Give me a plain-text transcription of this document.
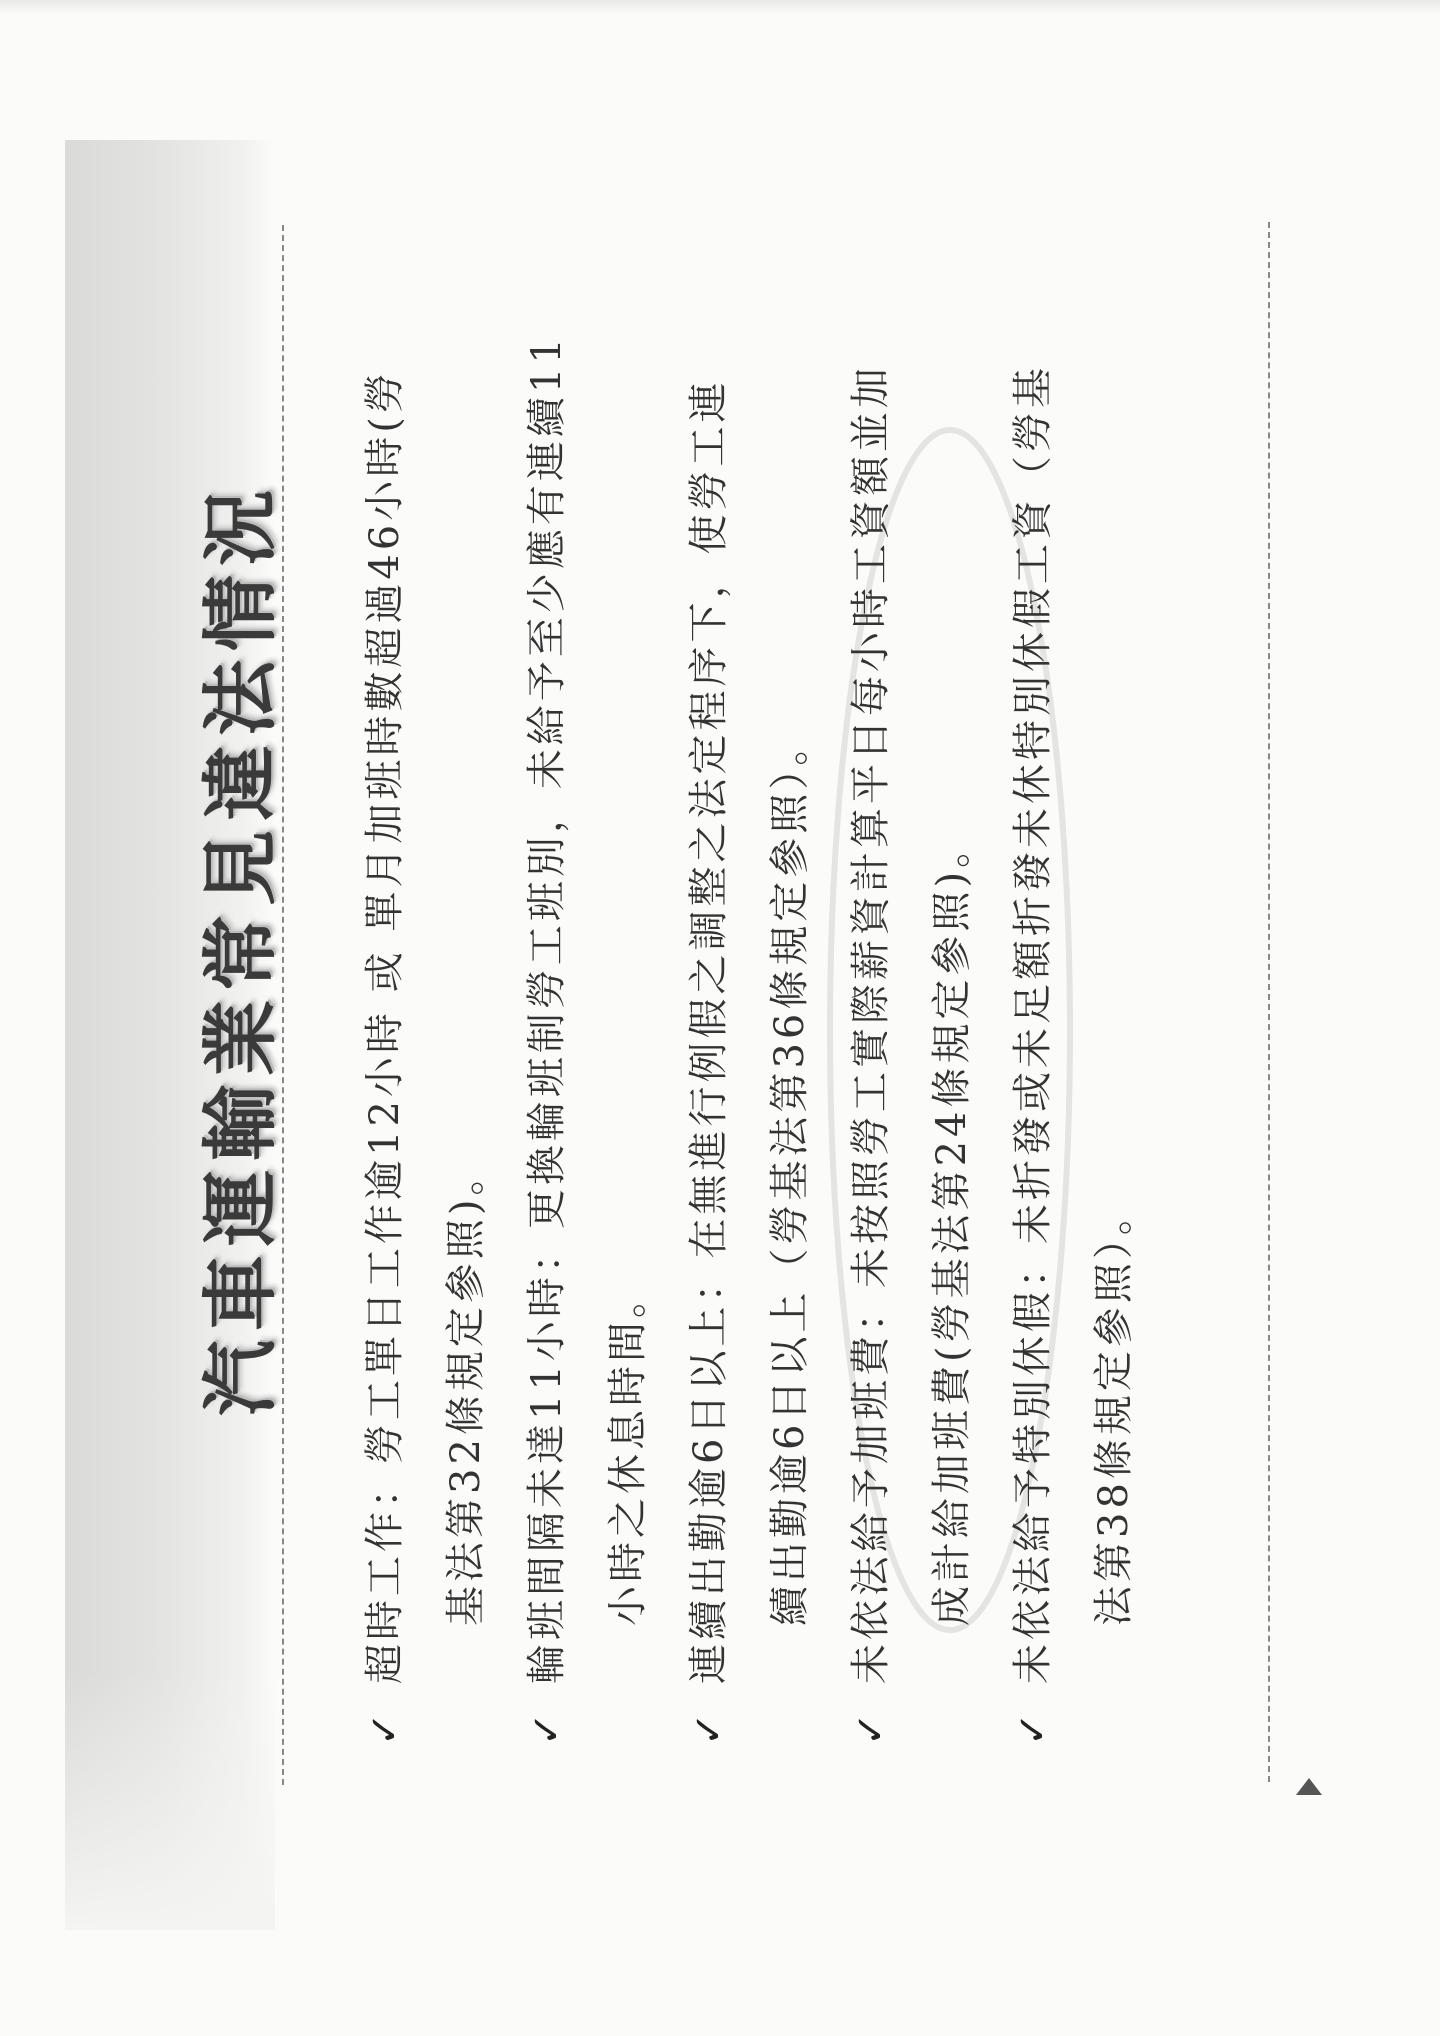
汽車運輸業常見違法情況
✓
超時工作：勞工單日工作逾12小時 或 單月加班時數超過46小時(勞 基法第32條規定參照)。
✓
輪班間隔未達11小時：更換輪班制勞工班別，未給予至少應有連續11 小時之休息時間。
✓
連續出勤逾6日以上：在無進行例假之調整之法定程序下，使勞工連 續出勤逾6日以上（勞基法第36條規定參照）。
✓
未依法給予加班費：未按照勞工實際薪資計算平日每小時工資額並加 成計給加班費(勞基法第24條規定參照)。
✓
未依法給予特別休假：未折發或未足額折發未休特別休假工資（勞基 法第38條規定參照）。
